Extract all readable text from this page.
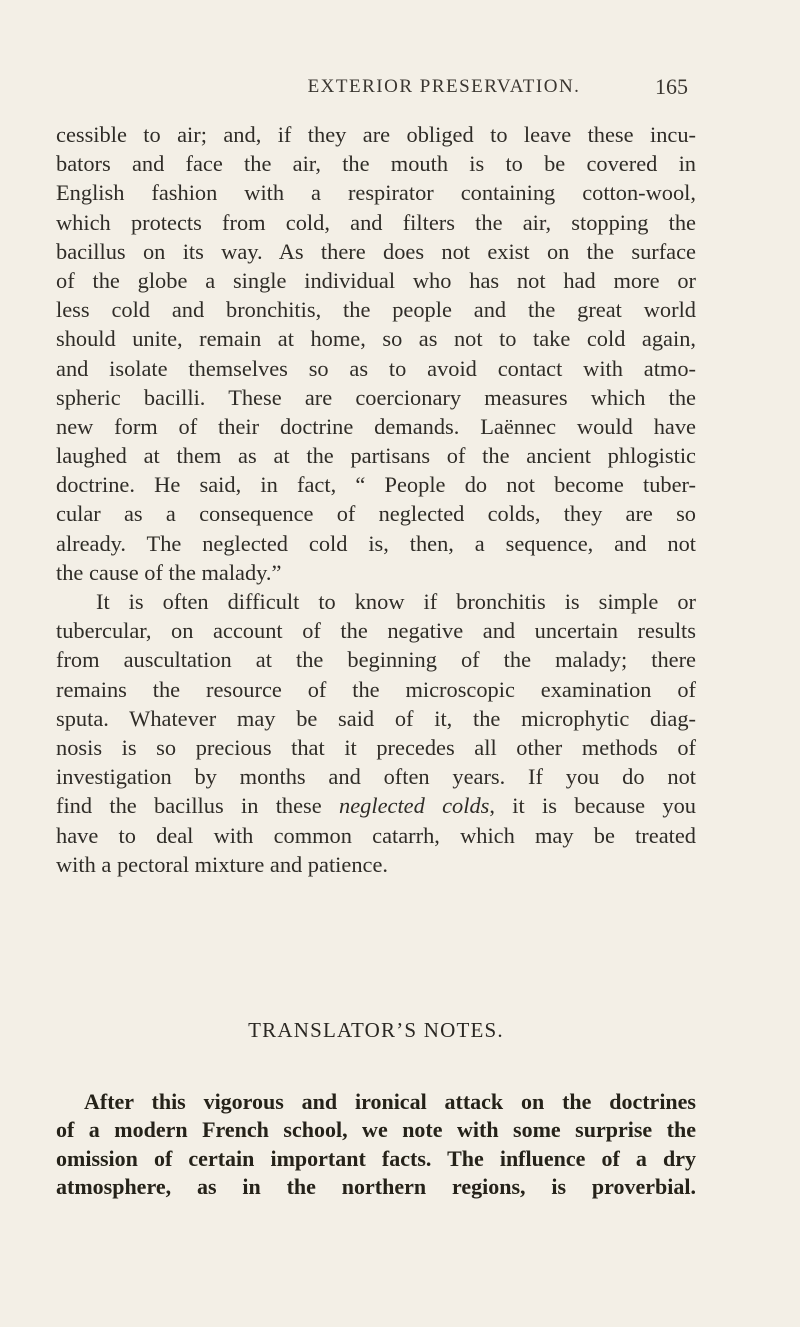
EXTERIOR PRESERVATION.	165
cessible to air; and, if they are obliged to leave these incu-
bators and face the air, the mouth is to be covered in
English fashion with a respirator containing cotton-wool,
which protects from cold, and filters the air, stopping the
bacillus on its way. As there does not exist on the surface
of the globe a single individual who has not had more or
less cold and bronchitis, the people and the great world
should unite, remain at home, so as not to take cold again,
and isolate themselves so as to avoid contact with atmo-
spheric bacilli. These are coercionary measures which the
new form of their doctrine demands. Laënnec would have
laughed at them as at the partisans of the ancient phlogistic
doctrine. He said, in fact, “ People do not become tuber-
cular as a consequence of neglected colds, they are so
already. The neglected cold is, then, a sequence, and not
the cause of the malady.”
It is often difficult to know if bronchitis is simple or
tubercular, on account of the negative and uncertain results
from auscultation at the beginning of the malady; there
remains the resource of the microscopic examination of
sputa. Whatever may be said of it, the microphytic diag-
nosis is so precious that it precedes all other methods of
investigation by months and often years. If you do not
find the bacillus in these neglected colds, it is because you
have to deal with common catarrh, which may be treated
with a pectoral mixture and patience.
TRANSLATOR’S NOTES.
After this vigorous and ironical attack on the doctrines
of a modern French school, we note with some surprise the
omission of certain important facts. The influence of a dry
atmosphere, as in the northern regions, is proverbial.
